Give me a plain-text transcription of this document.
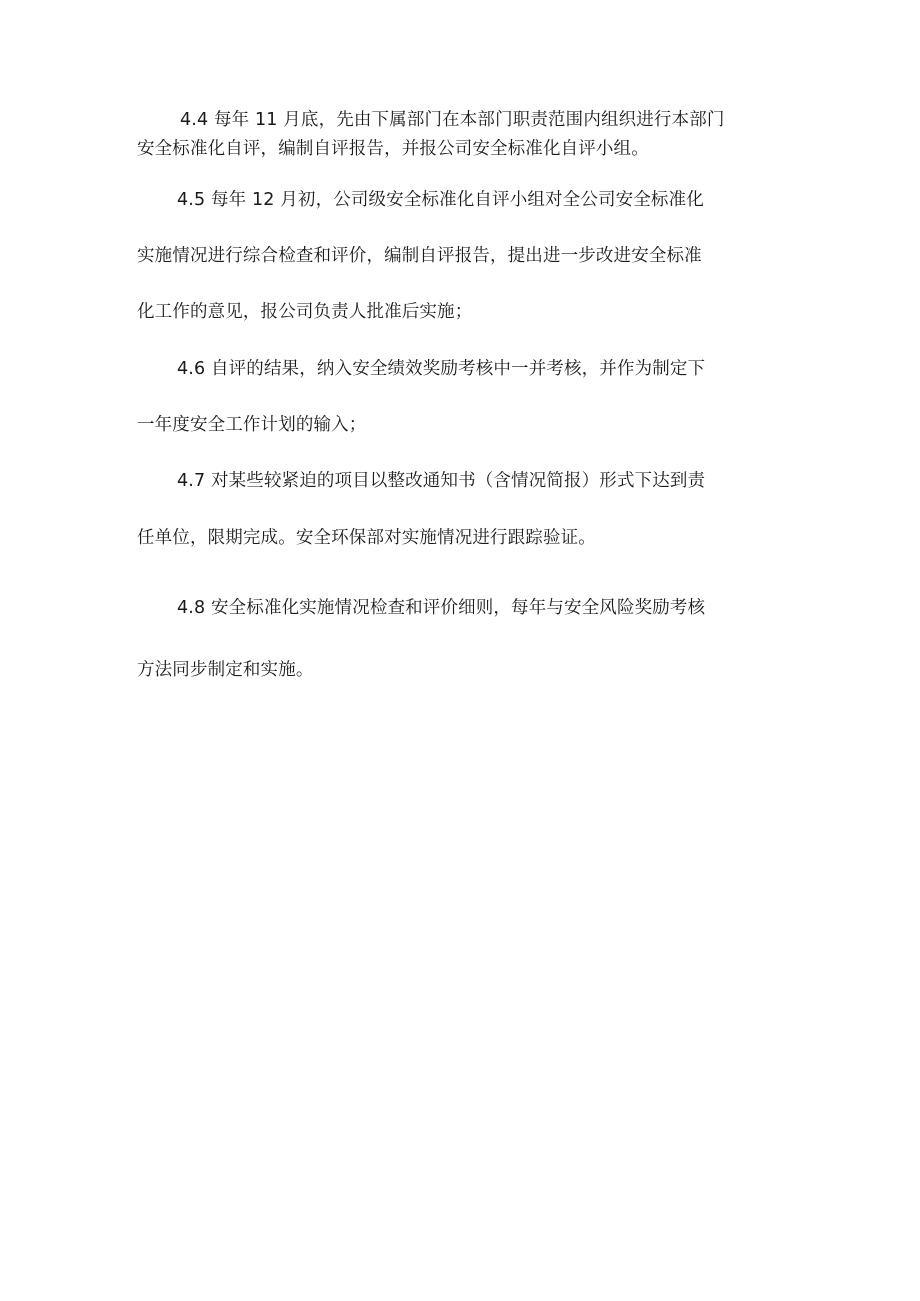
4.4 每年 11 月底，先由下属部门在本部门职责范围内组织进行本部门
安全标准化自评，编制自评报告，并报公司安全标准化自评小组。
4.5 每年 12 月初，公司级安全标准化自评小组对全公司安全标准化
实施情况进行综合检查和评价，编制自评报告，提出进一步改进安全标准
化工作的意见，报公司负责人批准后实施；
4.6 自评的结果，纳入安全绩效奖励考核中一并考核，并作为制定下
一年度安全工作计划的输入；
4.7 对某些较紧迫的项目以整改通知书（含情况简报）形式下达到责
任单位，限期完成。安全环保部对实施情况进行跟踪验证。
4.8 安全标准化实施情况检查和评价细则，每年与安全风险奖励考核
方法同步制定和实施。
